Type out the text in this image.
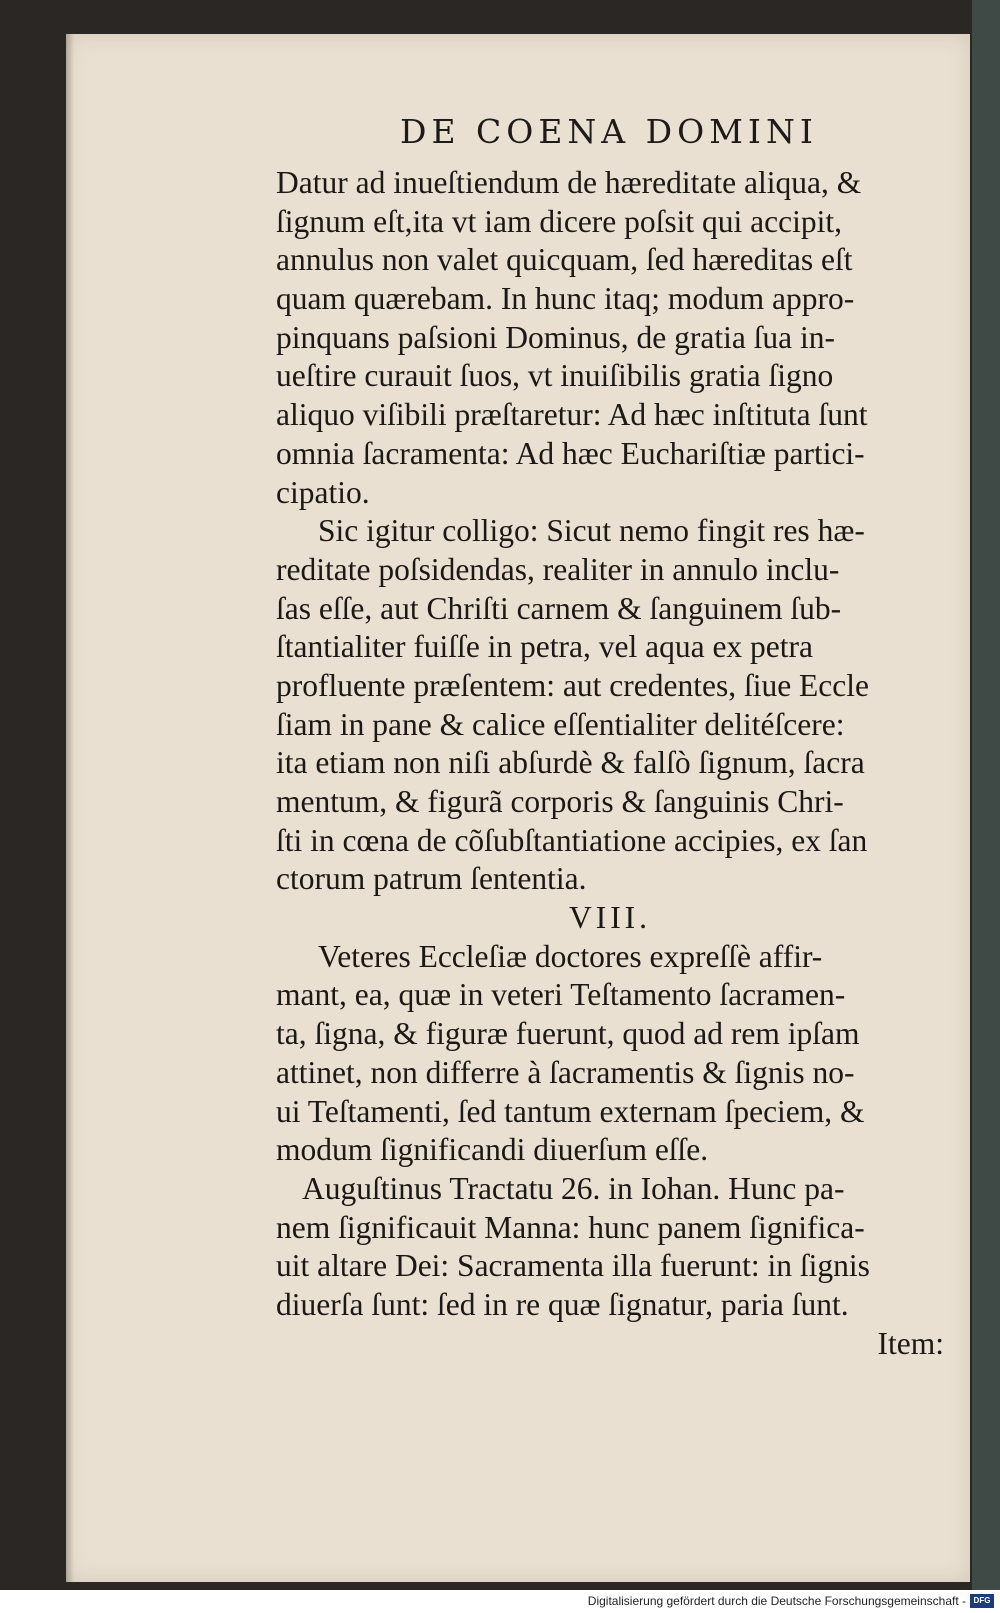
DE COENA DOMINI
Datur ad inueſtiendum de hæreditate aliqua, &
ſignum eſt,ita vt iam dicere poſsit qui accipit,
annulus non valet quicquam, ſed hæreditas eſt
quam quærebam. In hunc itaq; modum appro-
pinquans paſsioni Dominus, de gratia ſua in-
ueſtire curauit ſuos, vt inuiſibilis gratia ſigno
aliquo viſibili præſtaretur: Ad hæc inſtituta ſunt
omnia ſacramenta: Ad hæc Euchariſtiæ partici-
cipatio.
Sic igitur colligo: Sicut nemo fingit res hæ-
reditate poſsidendas, realiter in annulo inclu-
ſas eſſe, aut Chriſti carnem & ſanguinem ſub-
ſtantialiter fuiſſe in petra, vel aqua ex petra
profluente præſentem: aut credentes, ſiue Eccle
ſiam in pane & calice eſſentialiter delitéſcere:
ita etiam non niſi abſurdè & falſò ſignum, ſacra
mentum, & figurã corporis & ſanguinis Chri-
ſti in cœna de cõſubſtantiatione accipies, ex ſan
ctorum patrum ſententia.
VIII.
Veteres Eccleſiæ doctores expreſſè affir-
mant, ea, quæ in veteri Teſtamento ſacramen-
ta, ſigna, & figuræ fuerunt, quod ad rem ipſam
attinet, non differre à ſacramentis & ſignis no-
ui Teſtamenti, ſed tantum externam ſpeciem, &
modum ſignificandi diuerſum eſſe.
Auguſtinus Tractatu 26. in Iohan. Hunc pa-
nem ſignificauit Manna: hunc panem ſignifica-
uit altare Dei: Sacramenta illa fuerunt: in ſignis
diuerſa ſunt: ſed in re quæ ſignatur, paria ſunt.
Item:
Digitalisierung gefördert durch die Deutsche Forschungsgemeinschaft - DFG
